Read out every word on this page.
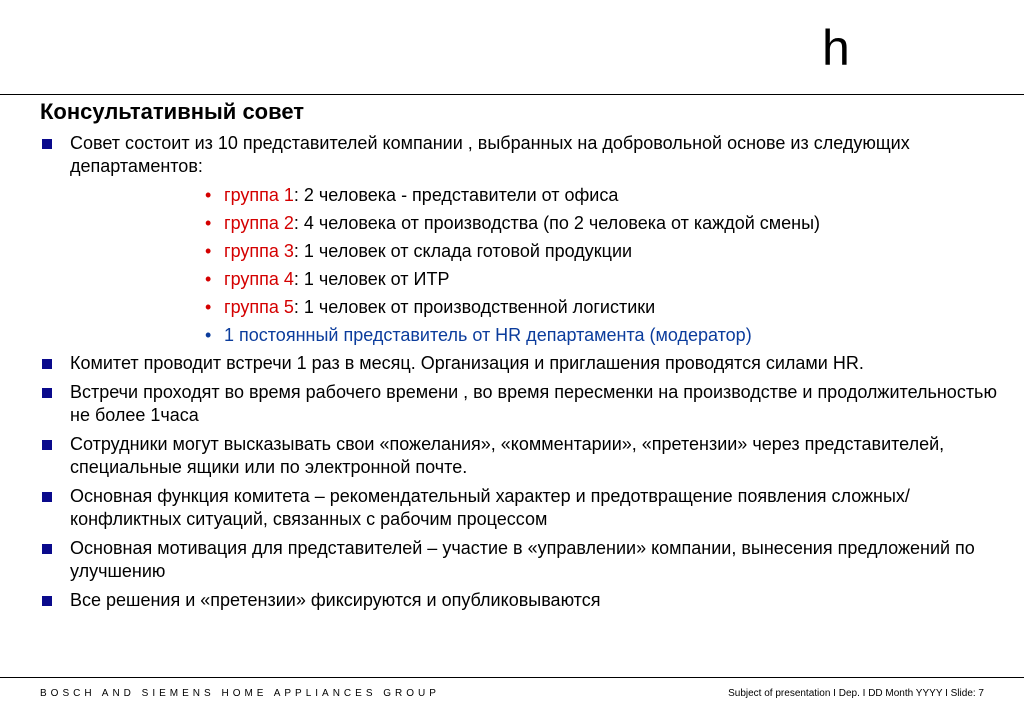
h
Консультативный совет
Совет состоит из 10 представителей компании , выбранных на добровольной основе из следующих департаментов:
• группа 1: 2 человека - представители от офиса
• группа 2: 4 человека от производства (по 2 человека от каждой смены)
• группа 3: 1 человек от склада готовой продукции
• группа 4: 1 человек от ИТР
• группа 5: 1 человек от производственной логистики
• 1 постоянный представитель от HR департамента (модератор)
Комитет проводит встречи 1 раз в месяц. Организация и приглашения проводятся силами HR.
Встречи проходят во время рабочего времени , во время пересменки на производстве и продолжительностью не более 1часа
Сотрудники могут высказывать свои «пожелания», «комментарии», «претензии» через представителей, специальные ящики или по электронной почте.
Основная функция комитета – рекомендательный характер и предотвращение появления сложных/ конфликтных ситуаций, связанных с рабочим процессом
Основная мотивация для представителей – участие в «управлении» компании, вынесения предложений по улучшению
Все решения и «претензии» фиксируются и опубликовываются
BOSCH AND SIEMENS HOME APPLIANCES GROUP	Subject of presentation I Dep. I DD Month YYYY I Slide: 7
